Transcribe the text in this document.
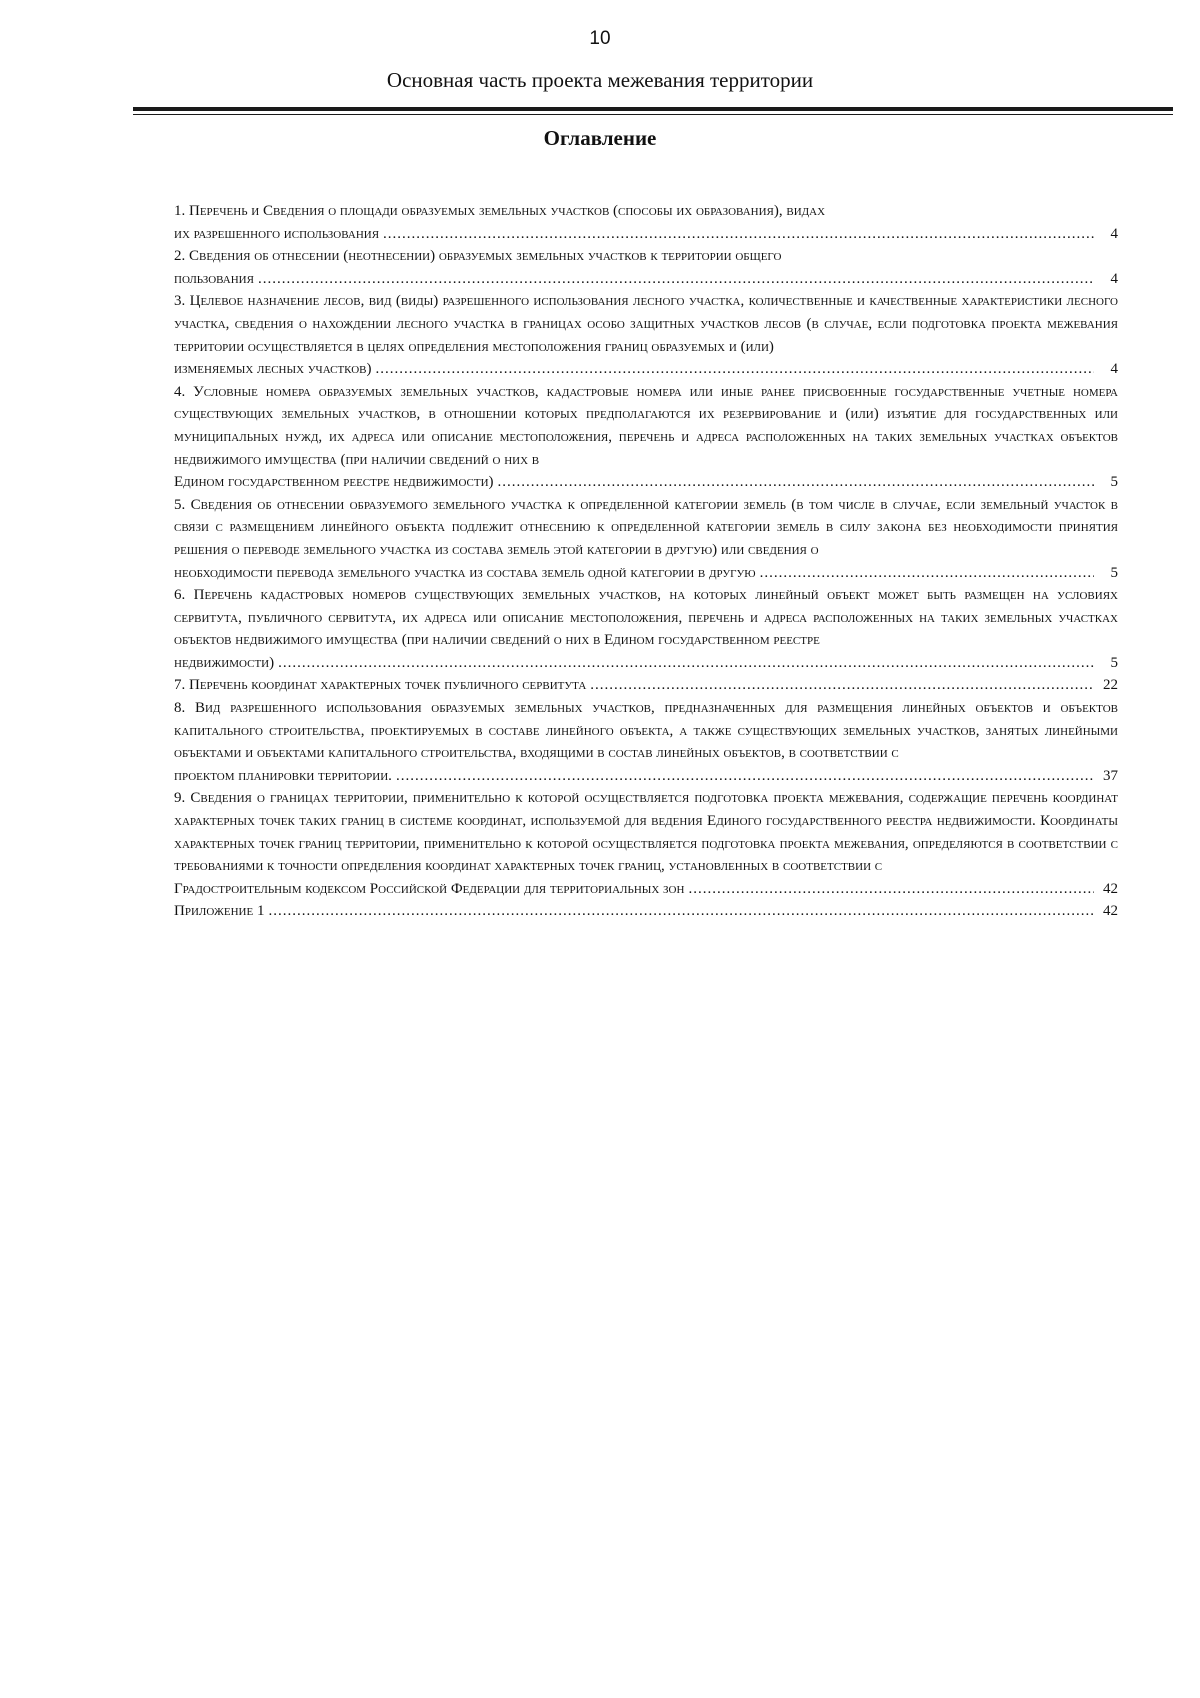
10
Основная часть проекта межевания территории
Оглавление
1. Перечень и Сведения о площади образуемых земельных участков (способы их образования), видах
их разрешенного использования .....	4
2. Сведения об отнесении (неотнесении) образуемых земельных участков к территории общего
пользования .....	4
3. Целевое назначение лесов, вид (виды) разрешенного использования лесного участка, количественные и качественные характеристики лесного участка, сведения о нахождении лесного участка в границах особо защитных участков лесов (в случае, если подготовка проекта межевания территории осуществляется в целях определения местоположения границ образуемых и (или)
изменяемых лесных участков) .....	4
4. Условные номера образуемых земельных участков, кадастровые номера или иные ранее присвоенные государственные учетные номера существующих земельных участков, в отношении которых предполагаются их резервирование и (или) изъятие для государственных или муниципальных нужд, их адреса или описание местоположения, перечень и адреса расположенных на таких земельных участках объектов недвижимого имущества (при наличии сведений о них в
Едином государственном реестре недвижимости) .....	5
5. Сведения об отнесении образуемого земельного участка к определенной категории земель (в том числе в случае, если земельный участок в связи с размещением линейного объекта подлежит отнесению к определенной категории земель в силу закона без необходимости принятия решения о переводе земельного участка из состава земель этой категории в другую) или сведения о
необходимости перевода земельного участка из состава земель одной категории в другую .....	5
6. Перечень кадастровых номеров существующих земельных участков, на которых линейный объект может быть размещен на условиях сервитута, публичного сервитута, их адреса или описание местоположения, перечень и адреса расположенных на таких земельных участках объектов недвижимого имущества (при наличии сведений о них в Едином государственном реестре
недвижимости) .....	5
7. Перечень координат характерных точек публичного сервитута .....	22
8. Вид разрешенного использования образуемых земельных участков, предназначенных для размещения линейных объектов и объектов капитального строительства, проектируемых в составе линейного объекта, а также существующих земельных участков, занятых линейными объектами и объектами капитального строительства, входящими в состав линейных объектов, в соответствии с
проектом планировки территории. .....	37
9. Сведения о границах территории, применительно к которой осуществляется подготовка проекта межевания, содержащие перечень координат характерных точек таких границ в системе координат, используемой для ведения Единого государственного реестра недвижимости. Координаты характерных точек границ территории, применительно к которой осуществляется подготовка проекта межевания, определяются в соответствии с требованиями к точности определения координат характерных точек границ, установленных в соответствии с
Градостроительным кодексом Российской Федерации для территориальных зон .....	42
Приложение 1 .....	42
